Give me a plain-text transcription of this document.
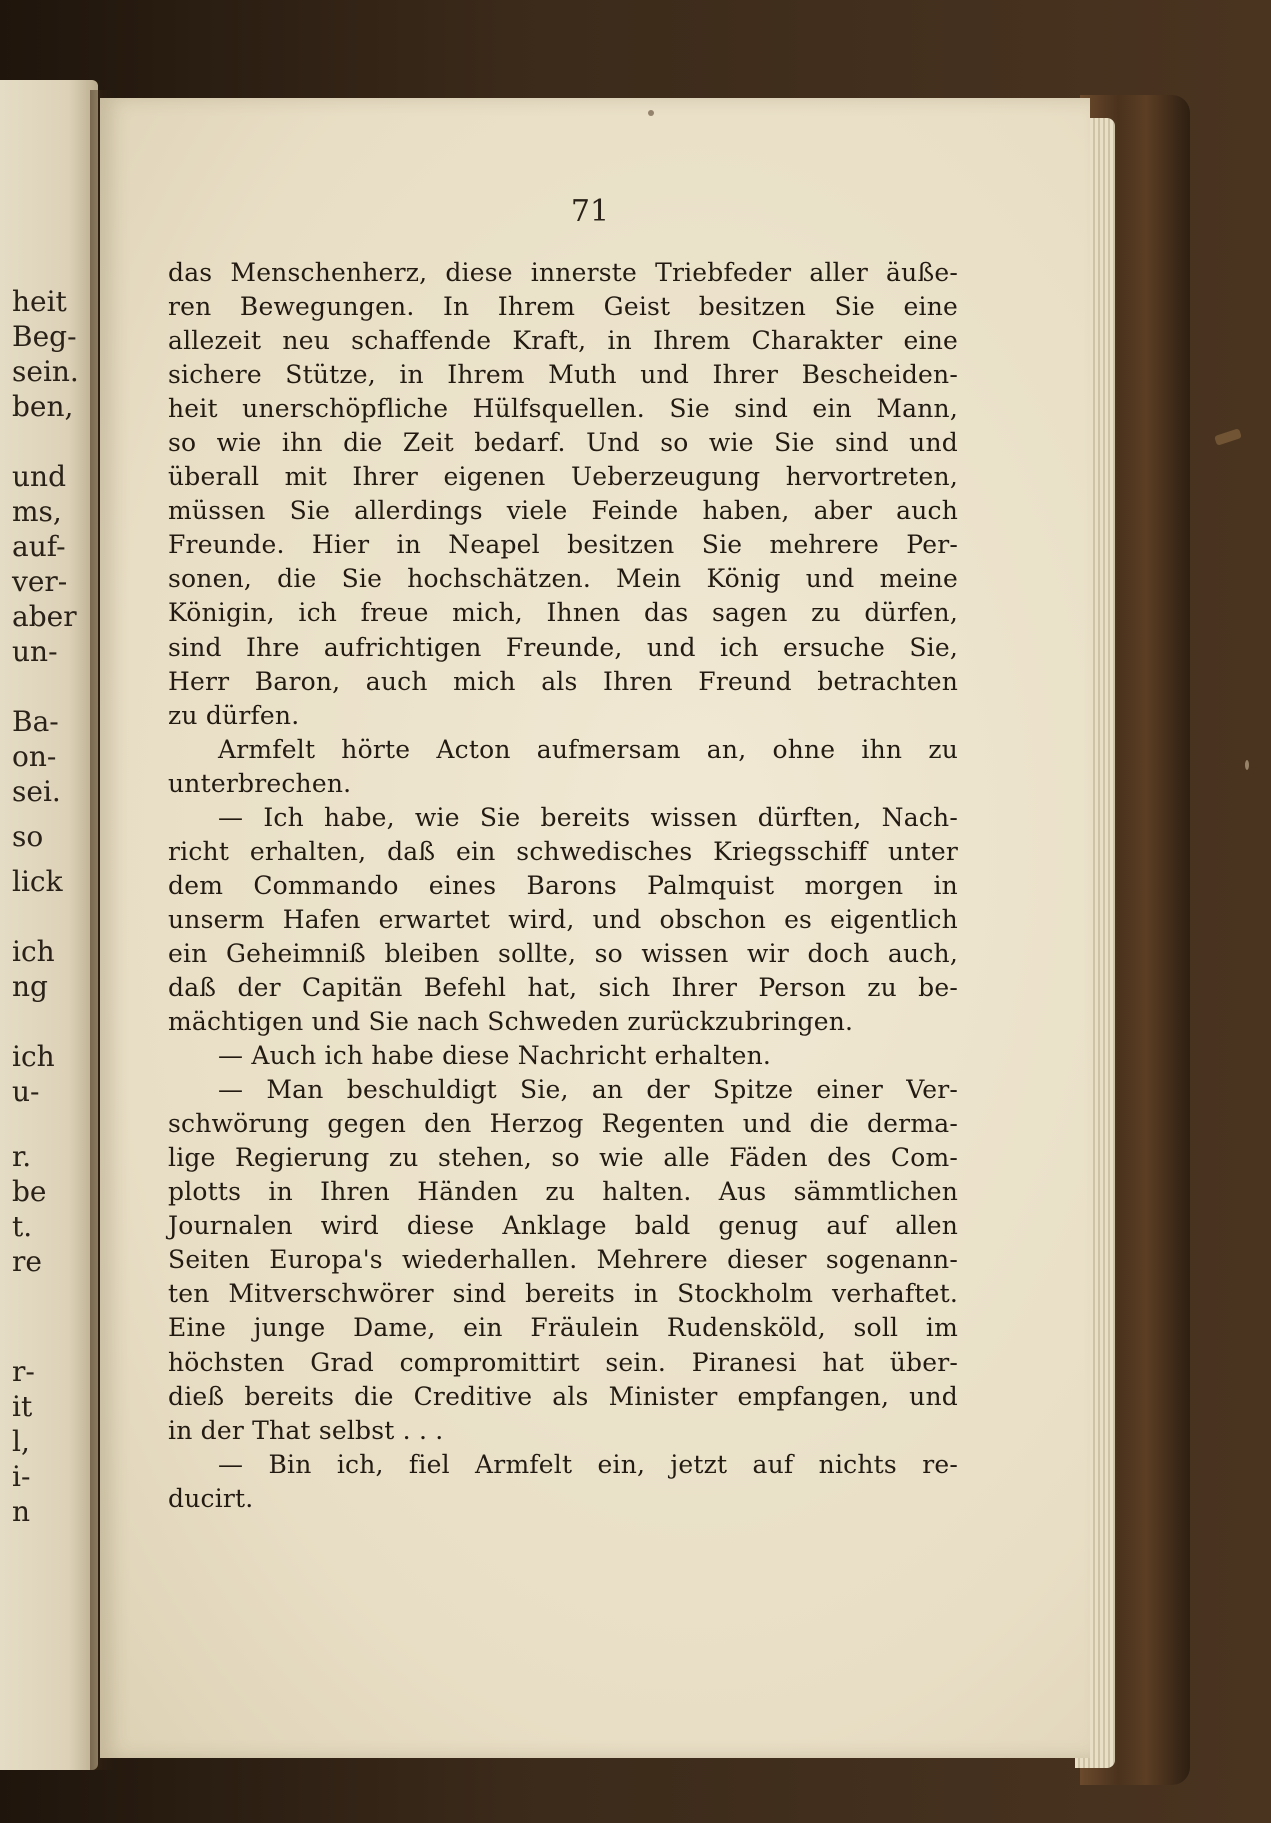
heit
Beg-
sein.
ben,
und
ms,
auf-
ver-
aber
un-
Ba-
on-
sei.
so
lick
ich
ng
ich
u-
r.
be
t.
re
r-
it
l,
i-
n
71
das Menschenherz, diese innerste Triebfeder aller äuße-
ren Bewegungen. In Ihrem Geist besitzen Sie eine
allezeit neu schaffende Kraft, in Ihrem Charakter eine
sichere Stütze, in Ihrem Muth und Ihrer Bescheiden-
heit unerschöpfliche Hülfsquellen. Sie sind ein Mann,
so wie ihn die Zeit bedarf. Und so wie Sie sind und
überall mit Ihrer eigenen Ueberzeugung hervortreten,
müssen Sie allerdings viele Feinde haben, aber auch
Freunde. Hier in Neapel besitzen Sie mehrere Per-
sonen, die Sie hochschätzen. Mein König und meine
Königin, ich freue mich, Ihnen das sagen zu dürfen,
sind Ihre aufrichtigen Freunde, und ich ersuche Sie,
Herr Baron, auch mich als Ihren Freund betrachten
zu dürfen.
Armfelt hörte Acton aufmersam an, ohne ihn zu
unterbrechen.
— Ich habe, wie Sie bereits wissen dürften, Nach-
richt erhalten, daß ein schwedisches Kriegsschiff unter
dem Commando eines Barons Palmquist morgen in
unserm Hafen erwartet wird, und obschon es eigentlich
ein Geheimniß bleiben sollte, so wissen wir doch auch,
daß der Capitän Befehl hat, sich Ihrer Person zu be-
mächtigen und Sie nach Schweden zurückzubringen.
— Auch ich habe diese Nachricht erhalten.
— Man beschuldigt Sie, an der Spitze einer Ver-
schwörung gegen den Herzog Regenten und die derma-
lige Regierung zu stehen, so wie alle Fäden des Com-
plotts in Ihren Händen zu halten. Aus sämmtlichen
Journalen wird diese Anklage bald genug auf allen
Seiten Europa's wiederhallen. Mehrere dieser sogenann-
ten Mitverschwörer sind bereits in Stockholm verhaftet.
Eine junge Dame, ein Fräulein Rudensköld, soll im
höchsten Grad compromittirt sein. Piranesi hat über-
dieß bereits die Creditive als Minister empfangen, und
in der That selbst . . .
— Bin ich, fiel Armfelt ein, jetzt auf nichts re-
ducirt.
